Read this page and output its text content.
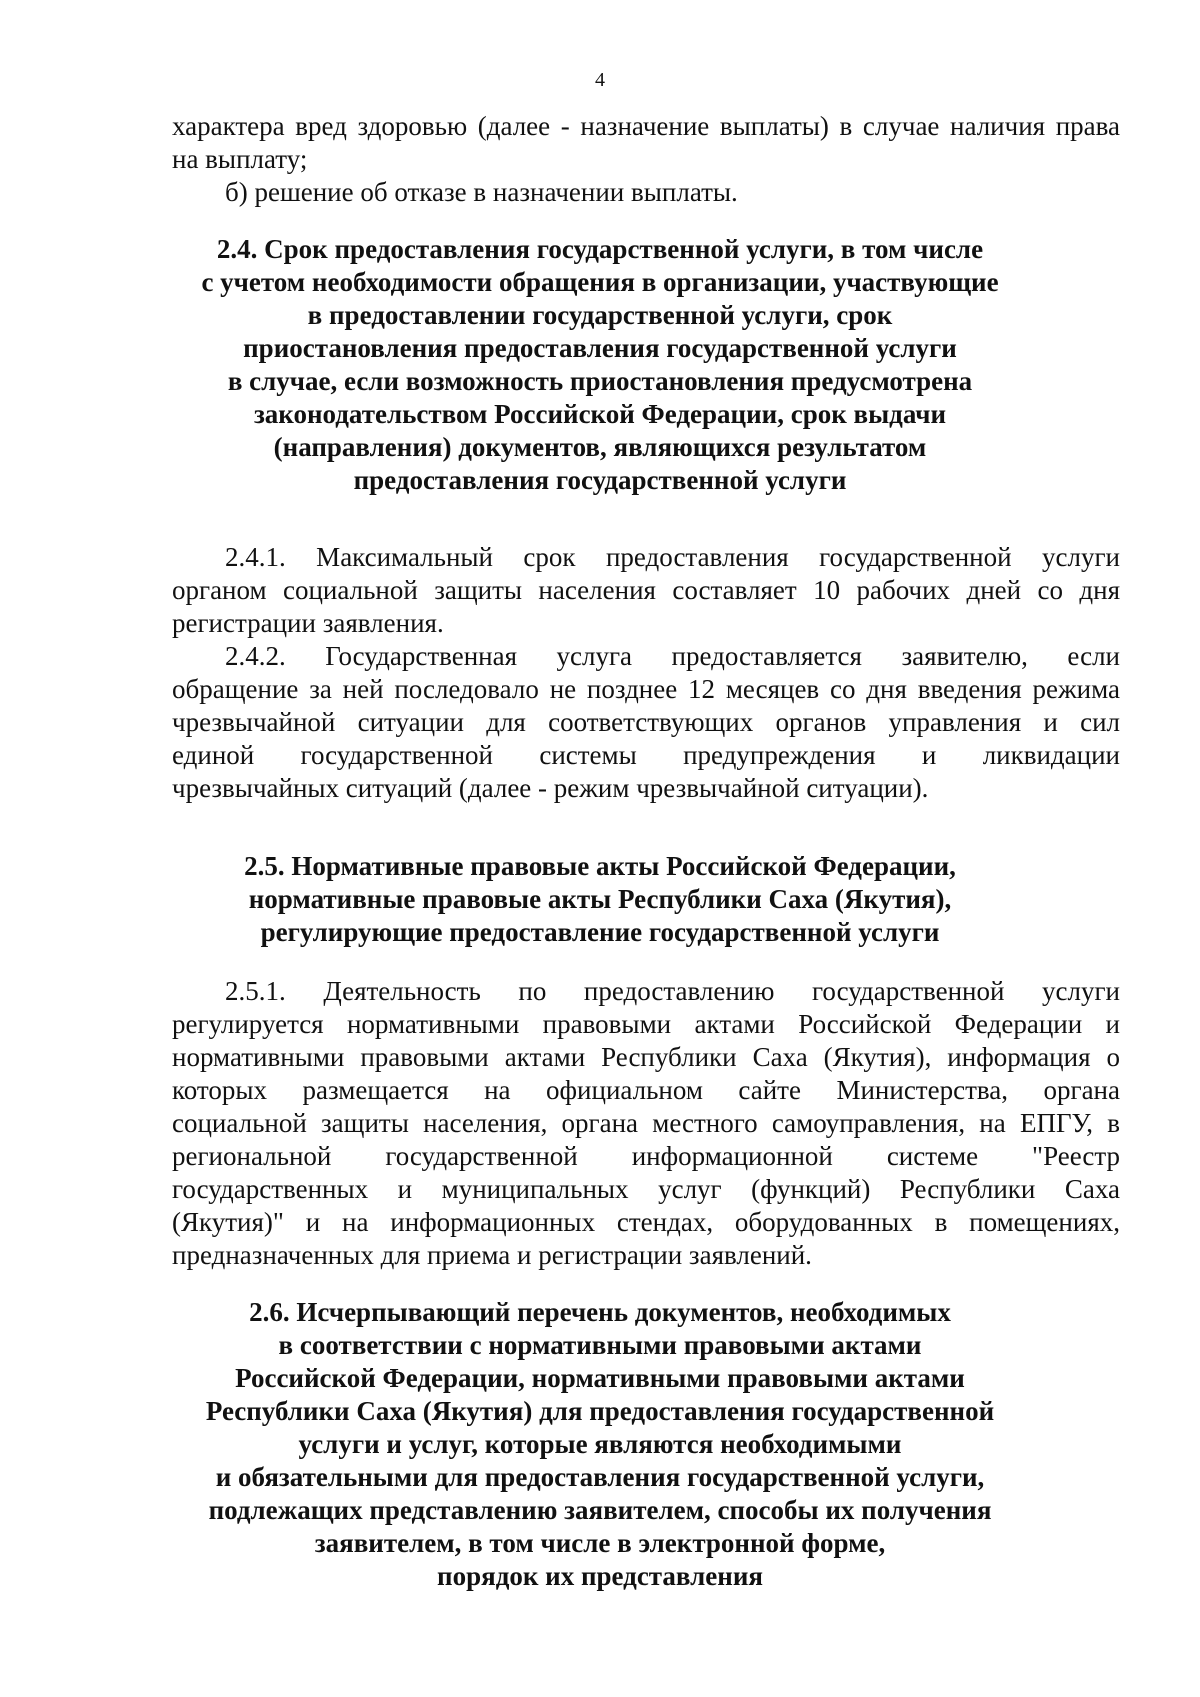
4
характера вред здоровью (далее - назначение выплаты) в случае наличия права
на выплату;
б) решение об отказе в назначении выплаты.
2.4. Срок предоставления государственной услуги, в том числе
с учетом необходимости обращения в организации, участвующие
в предоставлении государственной услуги, срок
приостановления предоставления государственной услуги
в случае, если возможность приостановления предусмотрена
законодательством Российской Федерации, срок выдачи
(направления) документов, являющихся результатом
предоставления государственной услуги
2.4.1. Максимальный срок предоставления государственной услуги
органом социальной защиты населения составляет 10 рабочих дней со дня
регистрации заявления.
2.4.2. Государственная услуга предоставляется заявителю, если
обращение за ней последовало не позднее 12 месяцев со дня введения режима
чрезвычайной ситуации для соответствующих органов управления и сил
единой государственной системы предупреждения и ликвидации
чрезвычайных ситуаций (далее - режим чрезвычайной ситуации).
2.5. Нормативные правовые акты Российской Федерации,
нормативные правовые акты Республики Саха (Якутия),
регулирующие предоставление государственной услуги
2.5.1. Деятельность по предоставлению государственной услуги
регулируется нормативными правовыми актами Российской Федерации и
нормативными правовыми актами Республики Саха (Якутия), информация о
которых размещается на официальном сайте Министерства, органа
социальной защиты населения, органа местного самоуправления, на ЕПГУ, в
региональной государственной информационной системе "Реестр
государственных и муниципальных услуг (функций) Республики Саха
(Якутия)" и на информационных стендах, оборудованных в помещениях,
предназначенных для приема и регистрации заявлений.
2.6. Исчерпывающий перечень документов, необходимых
в соответствии с нормативными правовыми актами
Российской Федерации, нормативными правовыми актами
Республики Саха (Якутия) для предоставления государственной
услуги и услуг, которые являются необходимыми
и обязательными для предоставления государственной услуги,
подлежащих представлению заявителем, способы их получения
заявителем, в том числе в электронной форме,
порядок их представления
